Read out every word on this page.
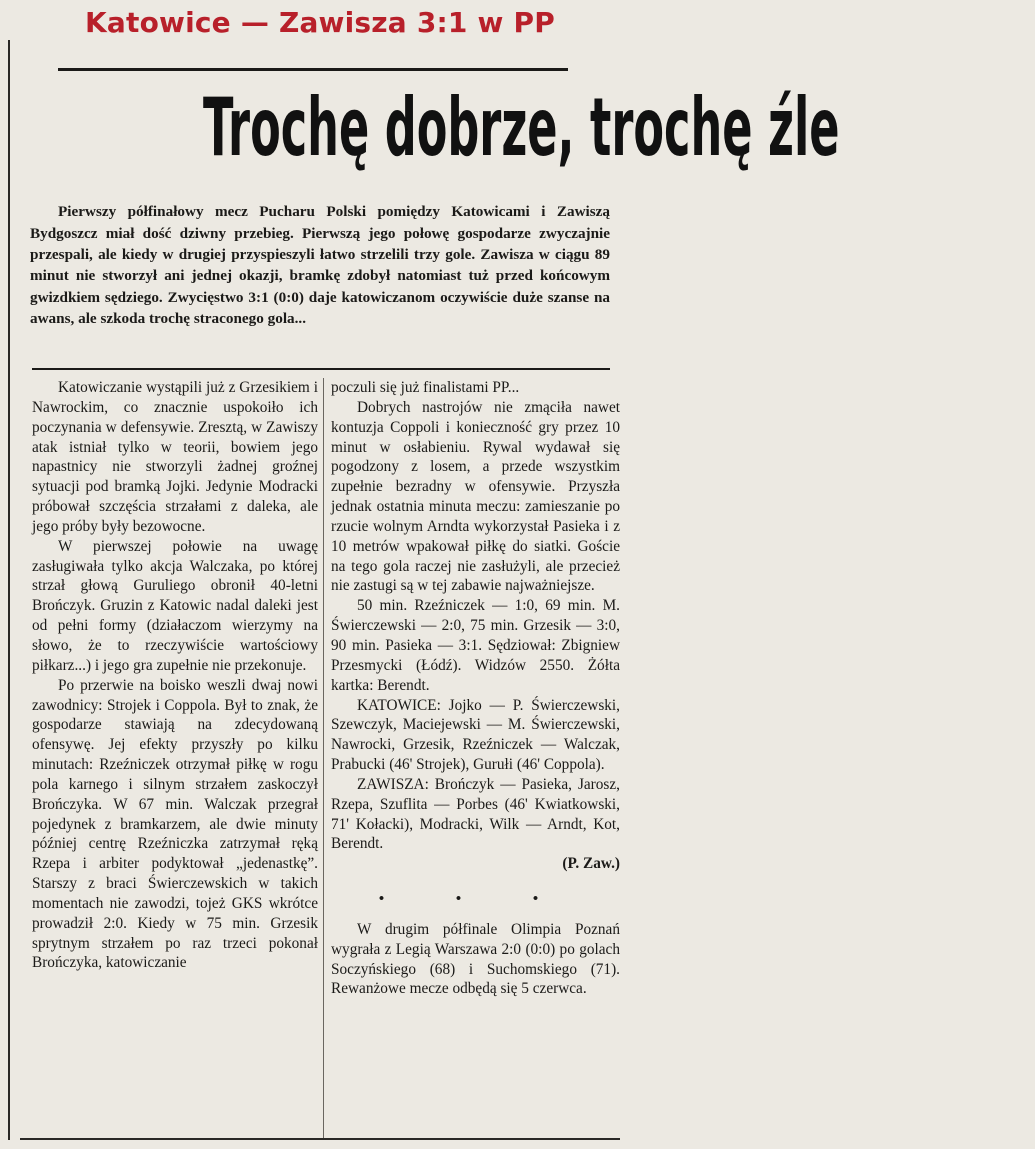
Katowice — Zawisza 3:1 w PP
Trochę dobrze, trochę źle

Pierwszy półfinałowy mecz Pucharu Polski pomiędzy Katowicami i Zawiszą Bydgoszcz miał dość dziwny przebieg. Pierwszą jego połowę gospodarze zwyczajnie przespali, ale kiedy w drugiej przyspieszyli łatwo strzelili trzy gole. Zawisza w ciągu 89 minut nie stworzył ani jednej okazji, bramkę zdobył natomiast tuż przed końcowym gwizdkiem sędziego. Zwycięstwo 3:1 (0:0) daje katowiczanom oczywiście duże szanse na awans, ale szkoda trochę straconego gola...

Katowiczanie wystąpili już z Grzesikiem i Nawrockim, co znacznie uspokoiło ich poczynania w defensywie. Zresztą, w Zawiszy atak istniał tylko w teorii, bowiem jego napastnicy nie stworzyli żadnej groźnej sytuacji pod bramką Jojki. Jedynie Modracki próbował szczęścia strzałami z daleka, ale jego próby były bezowocne.

W pierwszej połowie na uwagę zasługiwała tylko akcja Walczaka, po której strzał głową Guruliego obronił 40-letni Brończyk. Gruzin z Katowic nadal daleki jest od pełni formy (działaczom wierzymy na słowo, że to rzeczywiście wartościowy piłkarz...) i jego gra zupełnie nie przekonuje.

Po przerwie na boisko weszli dwaj nowi zawodnicy: Strojek i Coppola. Był to znak, że gospodarze stawiają na zdecydowaną ofensywę. Jej efekty przyszły po kilku minutach: Rzeźniczek otrzymał piłkę w rogu pola karnego i silnym strzałem zaskoczył Brończyka. W 67 min. Walczak przegrał pojedynek z bramkarzem, ale dwie minuty później centrę Rzeźniczka zatrzymał ręką Rzepa i arbiter podyktował „jedenastkę”. Starszy z braci Świerczewskich w takich momentach nie zawodzi, tojeż GKS wkrótce prowadził 2:0. Kiedy w 75 min. Grzesik sprytnym strzałem po raz trzeci pokonał Brończyka, katowiczanie

poczuli się już finalistami PP...

Dobrych nastrojów nie zmąciła nawet kontuzja Coppoli i konieczność gry przez 10 minut w osłabieniu. Rywal wydawał się pogodzony z losem, a przede wszystkim zupełnie bezradny w ofensywie. Przyszła jednak ostatnia minuta meczu: zamieszanie po rzucie wolnym Arndta wykorzystał Pasieka i z 10 metrów wpakował piłkę do siatki. Goście na tego gola raczej nie zasłużyli, ale przecież nie zastugi są w tej zabawie najważniejsze.

50 min. Rzeźniczek — 1:0, 69 min. M. Świerczewski — 2:0, 75 min. Grzesik — 3:0, 90 min. Pasieka — 3:1. Sędziował: Zbigniew Przesmycki (Łódź). Widzów 2550. Żółta kartka: Berendt.

KATOWICE: Jojko — P. Świerczewski, Szewczyk, Maciejewski — M. Świerczewski, Nawrocki, Grzesik, Rzeźniczek — Walczak, Prabucki (46' Strojek), Gurułi (46' Coppola).

ZAWISZA: Brończyk — Pasieka, Jarosz, Rzepa, Szuflita — Porbes (46' Kwiatkowski, 71' Kołacki), Modracki, Wilk — Arndt, Kot, Berendt.

(P. Zaw.)

• • •

W drugim półfinale Olimpia Poznań wygrała z Legią Warszawa 2:0 (0:0) po golach Soczyńskiego (68) i Suchomskiego (71). Rewanżowe mecze odbędą się 5 czerwca.
